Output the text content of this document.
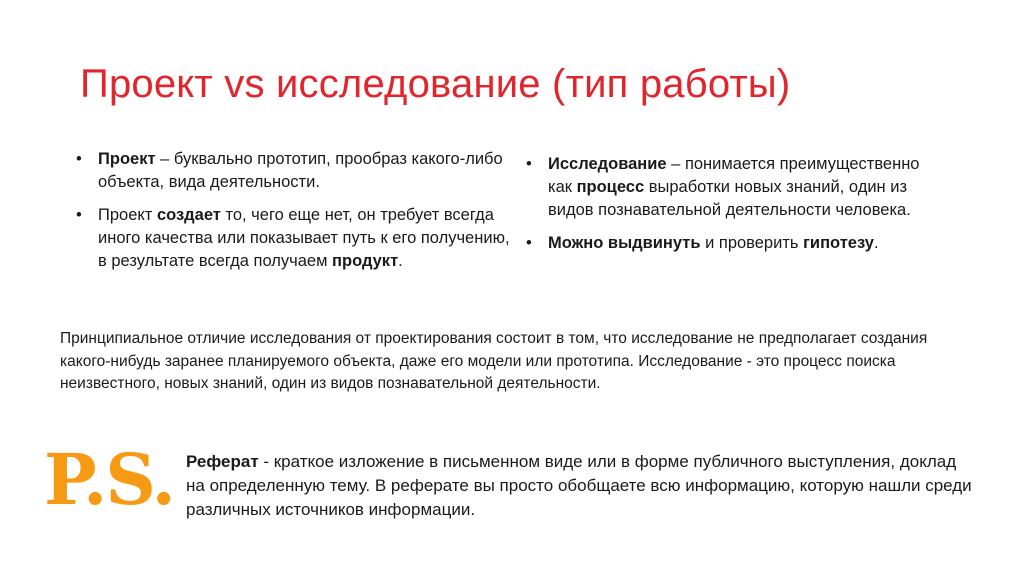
Проект vs исследование (тип работы)
• Проект – буквально прототип, прообраз какого-либо объекта, вида деятельности.
• Проект создает то, чего еще нет, он требует всегда иного качества или показывает путь к его получению, в результате всегда получаем продукт.
• Исследование – понимается преимущественно как процесс выработки новых знаний, один из видов познавательной деятельности человека.
• Можно выдвинуть и проверить гипотезу.
Принципиальное отличие исследования от проектирования состоит в том, что исследование не предполагает создания какого-нибудь заранее планируемого объекта, даже его модели или прототипа. Исследование - это процесс поиска неизвестного, новых знаний, один из видов познавательной деятельности.
P.S. Реферат - краткое изложение в письменном виде или в форме публичного выступления, доклад на определенную тему. В реферате вы просто обобщаете всю информацию, которую нашли среди различных источников информации.
